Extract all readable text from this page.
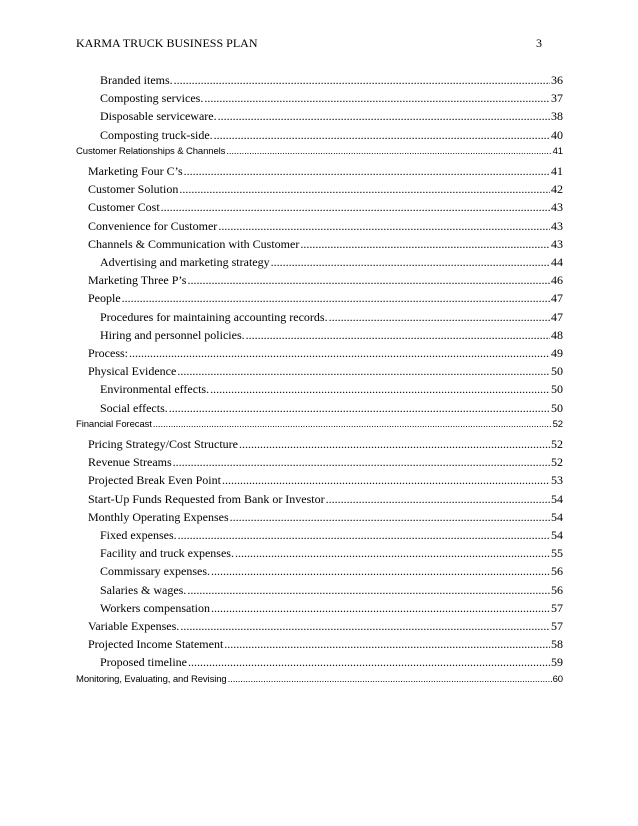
KARMA TRUCK BUSINESS PLAN	3
Branded items. .....	36
Composting services. .....	37
Disposable serviceware. .....	38
Composting truck-side. .....	40
Customer Relationships & Channels .....	41
Marketing Four C’s .....	41
Customer Solution .....	42
Customer Cost .....	43
Convenience for Customer .....	43
Channels & Communication with Customer .....	43
Advertising and marketing strategy .....	44
Marketing Three P’s .....	46
People .....	47
Procedures for maintaining accounting records. .....	47
Hiring and personnel policies. .....	48
Process: .....	49
Physical Evidence .....	50
Environmental effects. .....	50
Social effects. .....	50
Financial Forecast .....	52
Pricing Strategy/Cost Structure .....	52
Revenue Streams .....	52
Projected Break Even Point .....	53
Start-Up Funds Requested from Bank or Investor .....	54
Monthly Operating Expenses .....	54
Fixed expenses. .....	54
Facility and truck expenses. .....	55
Commissary expenses. .....	56
Salaries & wages. .....	56
Workers compensation .....	57
Variable Expenses. .....	57
Projected Income Statement .....	58
Proposed timeline .....	59
Monitoring, Evaluating, and Revising .....	60
